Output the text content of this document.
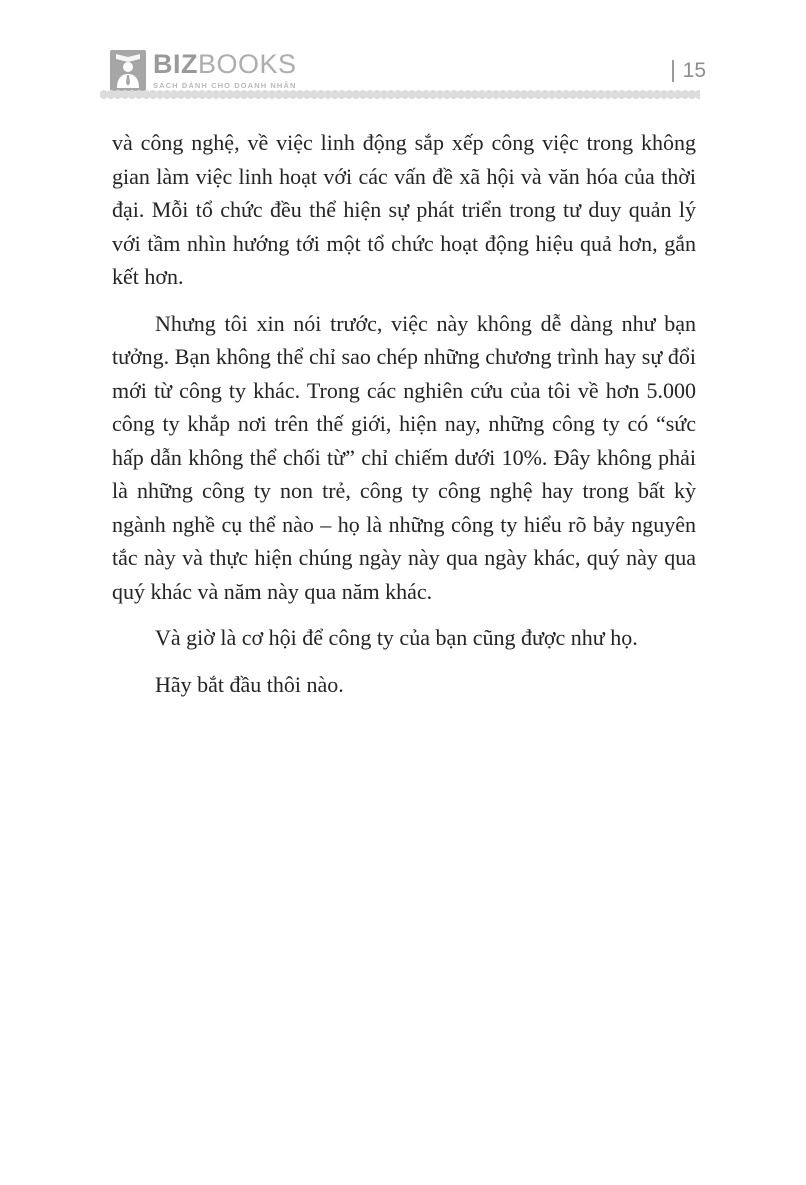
BIZBOOKS
SÁCH DÀNH CHO DOANH NHÂN
15

và công nghệ, về việc linh động sắp xếp công việc trong không gian làm việc linh hoạt với các vấn đề xã hội và văn hóa của thời đại. Mỗi tổ chức đều thể hiện sự phát triển trong tư duy quản lý với tầm nhìn hướng tới một tổ chức hoạt động hiệu quả hơn, gắn kết hơn.

Nhưng tôi xin nói trước, việc này không dễ dàng như bạn tưởng. Bạn không thể chỉ sao chép những chương trình hay sự đổi mới từ công ty khác. Trong các nghiên cứu của tôi về hơn 5.000 công ty khắp nơi trên thế giới, hiện nay, những công ty có “sức hấp dẫn không thể chối từ” chỉ chiếm dưới 10%. Đây không phải là những công ty non trẻ, công ty công nghệ hay trong bất kỳ ngành nghề cụ thể nào – họ là những công ty hiểu rõ bảy nguyên tắc này và thực hiện chúng ngày này qua ngày khác, quý này qua quý khác và năm này qua năm khác.

Và giờ là cơ hội để công ty của bạn cũng được như họ.

Hãy bắt đầu thôi nào.
